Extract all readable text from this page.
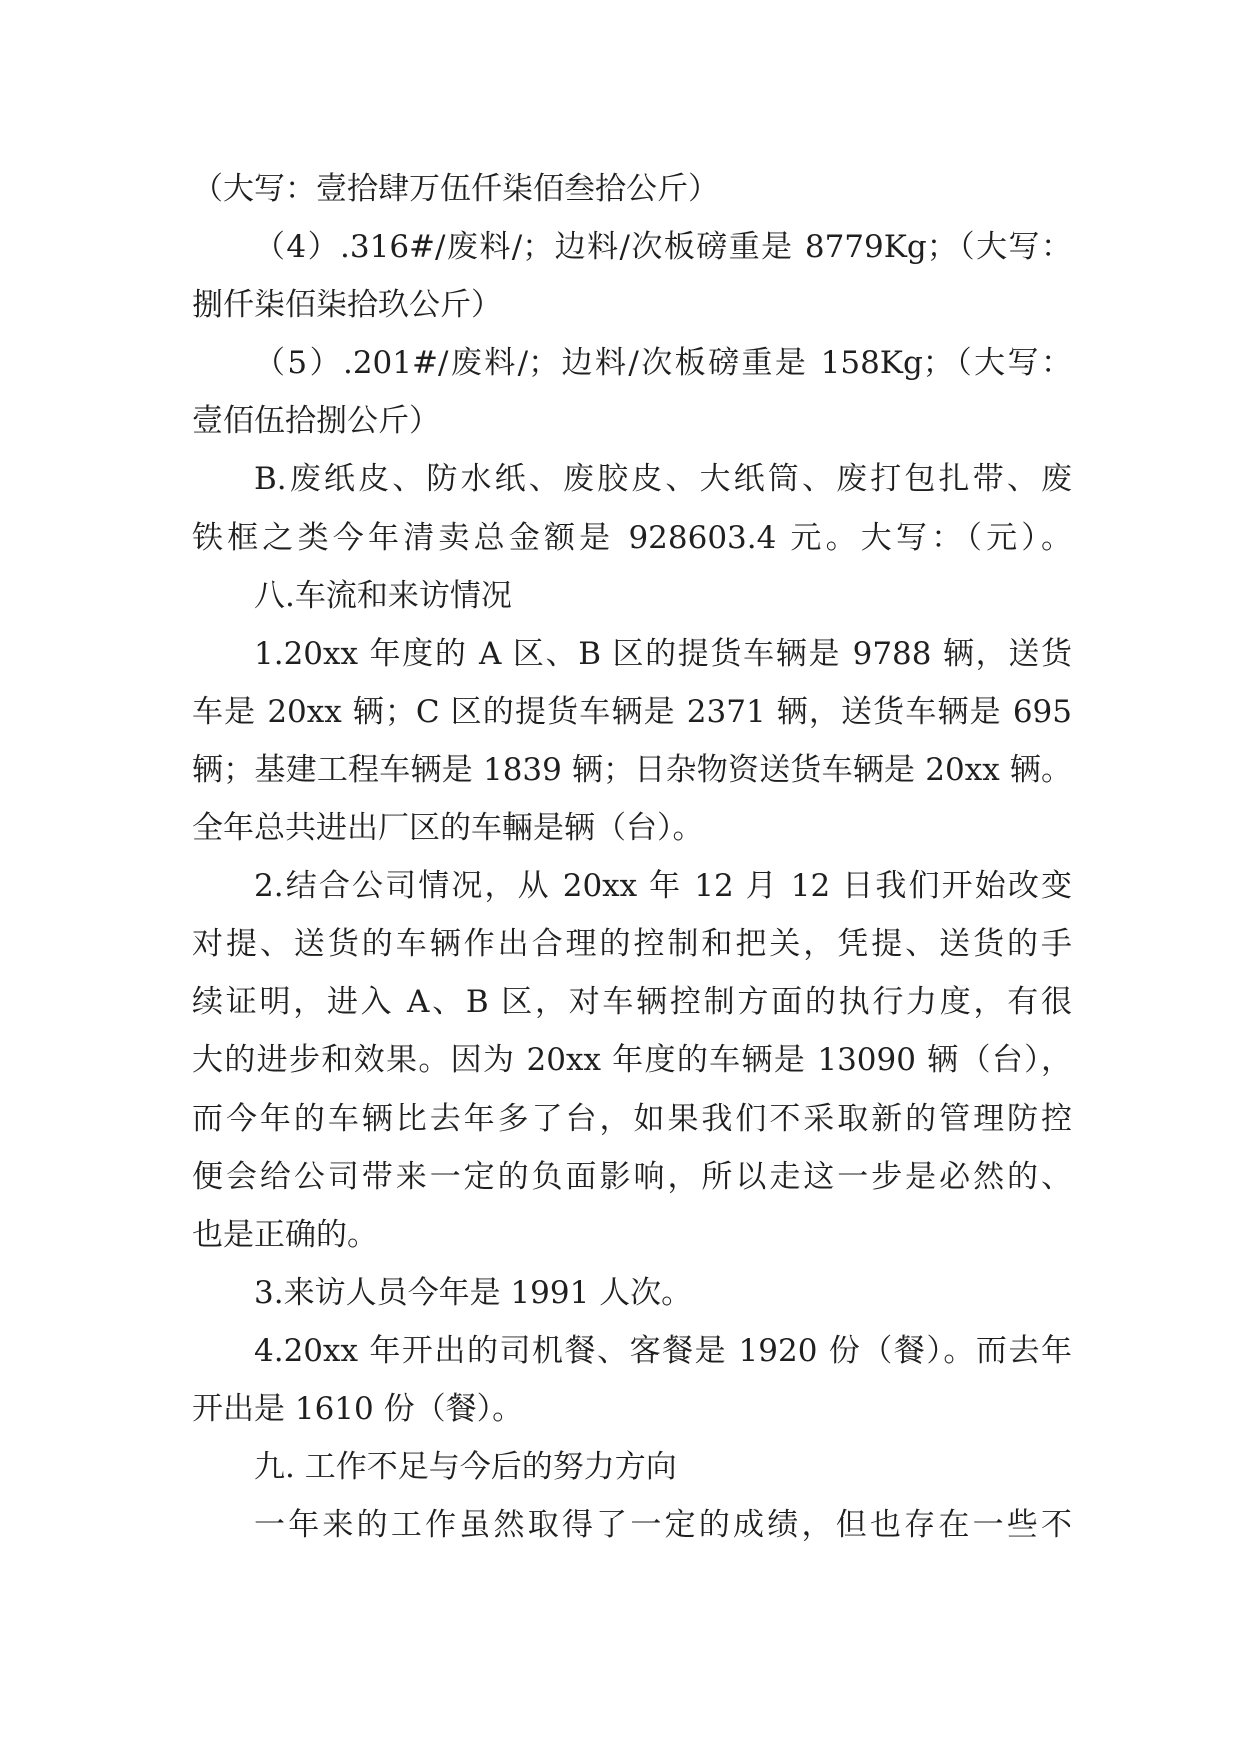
（大写：壹拾肆万伍仟柒佰叁拾公斤）
（4）.316#/废料/；边料/次板磅重是 8779Kg；（大写：
捌仟柒佰柒拾玖公斤）
（5）.201#/废料/；边料/次板磅重是 158Kg；（大写：
壹佰伍拾捌公斤）
B.废纸皮、防水纸、废胶皮、大纸筒、废打包扎带、废
铁框之类今年清卖总金额是 928603.4 元。大写：（元）。
八.车流和来访情况
1.20xx 年度的 A 区、B 区的提货车辆是 9788 辆，送货
车是 20xx 辆；C 区的提货车辆是 2371 辆，送货车辆是 695
辆；基建工程车辆是 1839 辆；日杂物资送货车辆是 20xx 辆。
全年总共进出厂区的车輛是辆（台）。
2.结合公司情况，从 20xx 年 12 月 12 日我们开始改变
对提、送货的车辆作出合理的控制和把关，凭提、送货的手
续证明，进入 A、B 区，对车辆控制方面的执行力度，有很
大的进步和效果。因为 20xx 年度的车辆是 13090 辆（台），
而今年的车辆比去年多了台，如果我们不采取新的管理防控
便会给公司带来一定的负面影响，所以走这一步是必然的、
也是正确的。
3.来访人员今年是 1991 人次。
4.20xx 年开出的司机餐、客餐是 1920 份（餐）。而去年
开出是 1610 份（餐）。
九. 工作不足与今后的努力方向
一年来的工作虽然取得了一定的成绩，但也存在一些不
